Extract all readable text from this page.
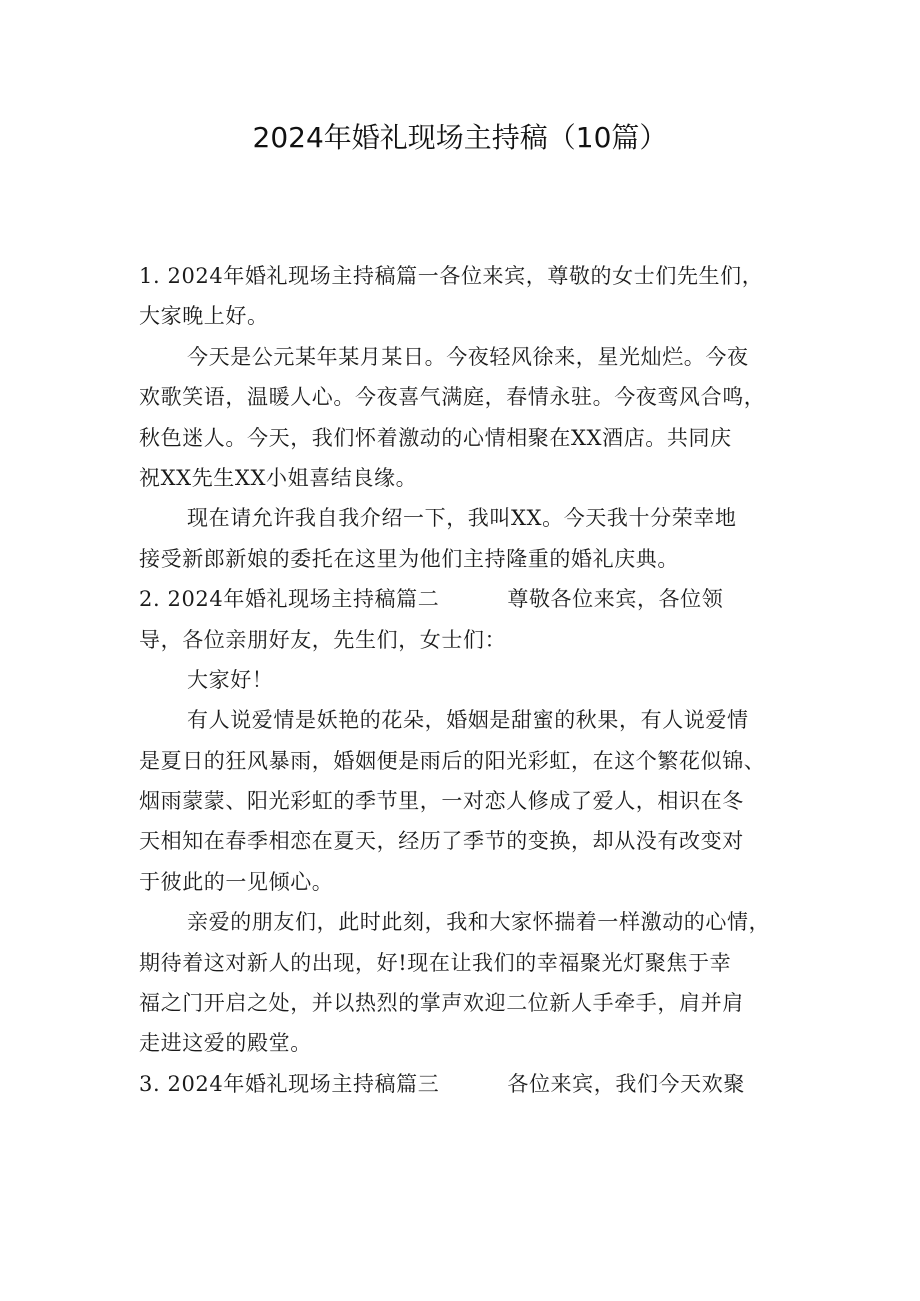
2024年婚礼现场主持稿（10篇）
1. 2024年婚礼现场主持稿篇一各位来宾，尊敬的女士们先生们，
大家晚上好。
今天是公元某年某月某日。今夜轻风徐来，星光灿烂。今夜
欢歌笑语，温暖人心。今夜喜气满庭，春情永驻。今夜鸾风合鸣，
秋色迷人。今天，我们怀着激动的心情相聚在XX酒店。共同庆
祝XX先生XX小姐喜结良缘。
现在请允许我自我介绍一下，我叫XX。今天我十分荣幸地
接受新郎新娘的委托在这里为他们主持隆重的婚礼庆典。
2. 2024年婚礼现场主持稿篇二	尊敬各位来宾，各位领
导，各位亲朋好友，先生们，女士们：
大家好！
有人说爱情是妖艳的花朵，婚姻是甜蜜的秋果，有人说爱情
是夏日的狂风暴雨，婚姻便是雨后的阳光彩虹，在这个繁花似锦、
烟雨蒙蒙、阳光彩虹的季节里，一对恋人修成了爱人，相识在冬
天相知在春季相恋在夏天，经历了季节的变换，却从没有改变对
于彼此的一见倾心。
亲爱的朋友们，此时此刻，我和大家怀揣着一样激动的心情，
期待着这对新人的出现，好!现在让我们的幸福聚光灯聚焦于幸
福之门开启之处，并以热烈的掌声欢迎二位新人手牵手，肩并肩
走进这爱的殿堂。
3. 2024年婚礼现场主持稿篇三	各位来宾，我们今天欢聚
